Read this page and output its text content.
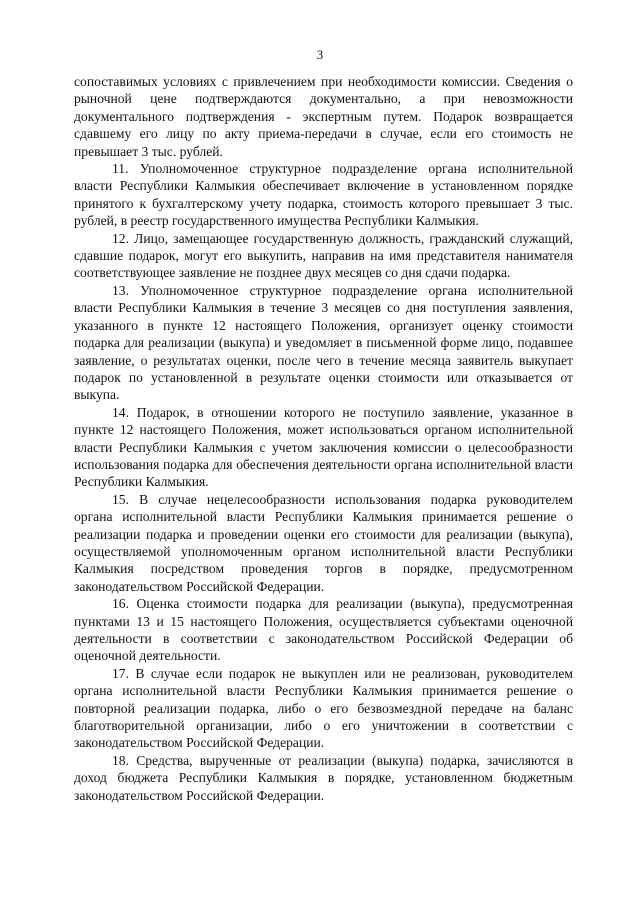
3

сопоставимых условиях с привлечением при необходимости комиссии. Сведения о рыночной цене подтверждаются документально, а при невозможности документального подтверждения - экспертным путем. Подарок возвращается сдавшему его лицу по акту приема-передачи в случае, если его стоимость не превышает 3 тыс. рублей.

11. Уполномоченное структурное подразделение органа исполнительной власти Республики Калмыкия обеспечивает включение в установленном порядке принятого к бухгалтерскому учету подарка, стоимость которого превышает 3 тыс. рублей, в реестр государственного имущества Республики Калмыкия.

12. Лицо, замещающее государственную должность, гражданский служащий, сдавшие подарок, могут его выкупить, направив на имя представителя нанимателя соответствующее заявление не позднее двух месяцев со дня сдачи подарка.

13. Уполномоченное структурное подразделение органа исполнительной власти Республики Калмыкия в течение 3 месяцев со дня поступления заявления, указанного в пункте 12 настоящего Положения, организует оценку стоимости подарка для реализации (выкупа) и уведомляет в письменной форме лицо, подавшее заявление, о результатах оценки, после чего в течение месяца заявитель выкупает подарок по установленной в результате оценки стоимости или отказывается от выкупа.

14. Подарок, в отношении которого не поступило заявление, указанное в пункте 12 настоящего Положения, может использоваться органом исполнительной власти Республики Калмыкия с учетом заключения комиссии о целесообразности использования подарка для обеспечения деятельности органа исполнительной власти Республики Калмыкия.

15. В случае нецелесообразности использования подарка руководителем органа исполнительной власти Республики Калмыкия принимается решение о реализации подарка и проведении оценки его стоимости для реализации (выкупа), осуществляемой уполномоченным органом исполнительной власти Республики Калмыкия посредством проведения торгов в порядке, предусмотренном законодательством Российской Федерации.

16. Оценка стоимости подарка для реализации (выкупа), предусмотренная пунктами 13 и 15 настоящего Положения, осуществляется субъектами оценочной деятельности в соответствии с законодательством Российской Федерации об оценочной деятельности.

17. В случае если подарок не выкуплен или не реализован, руководителем органа исполнительной власти Республики Калмыкия принимается решение о повторной реализации подарка, либо о его безвозмездной передаче на баланс благотворительной организации, либо о его уничтожении в соответствии с законодательством Российской Федерации.

18. Средства, вырученные от реализации (выкупа) подарка, зачисляются в доход бюджета Республики Калмыкия в порядке, установленном бюджетным законодательством Российской Федерации.
